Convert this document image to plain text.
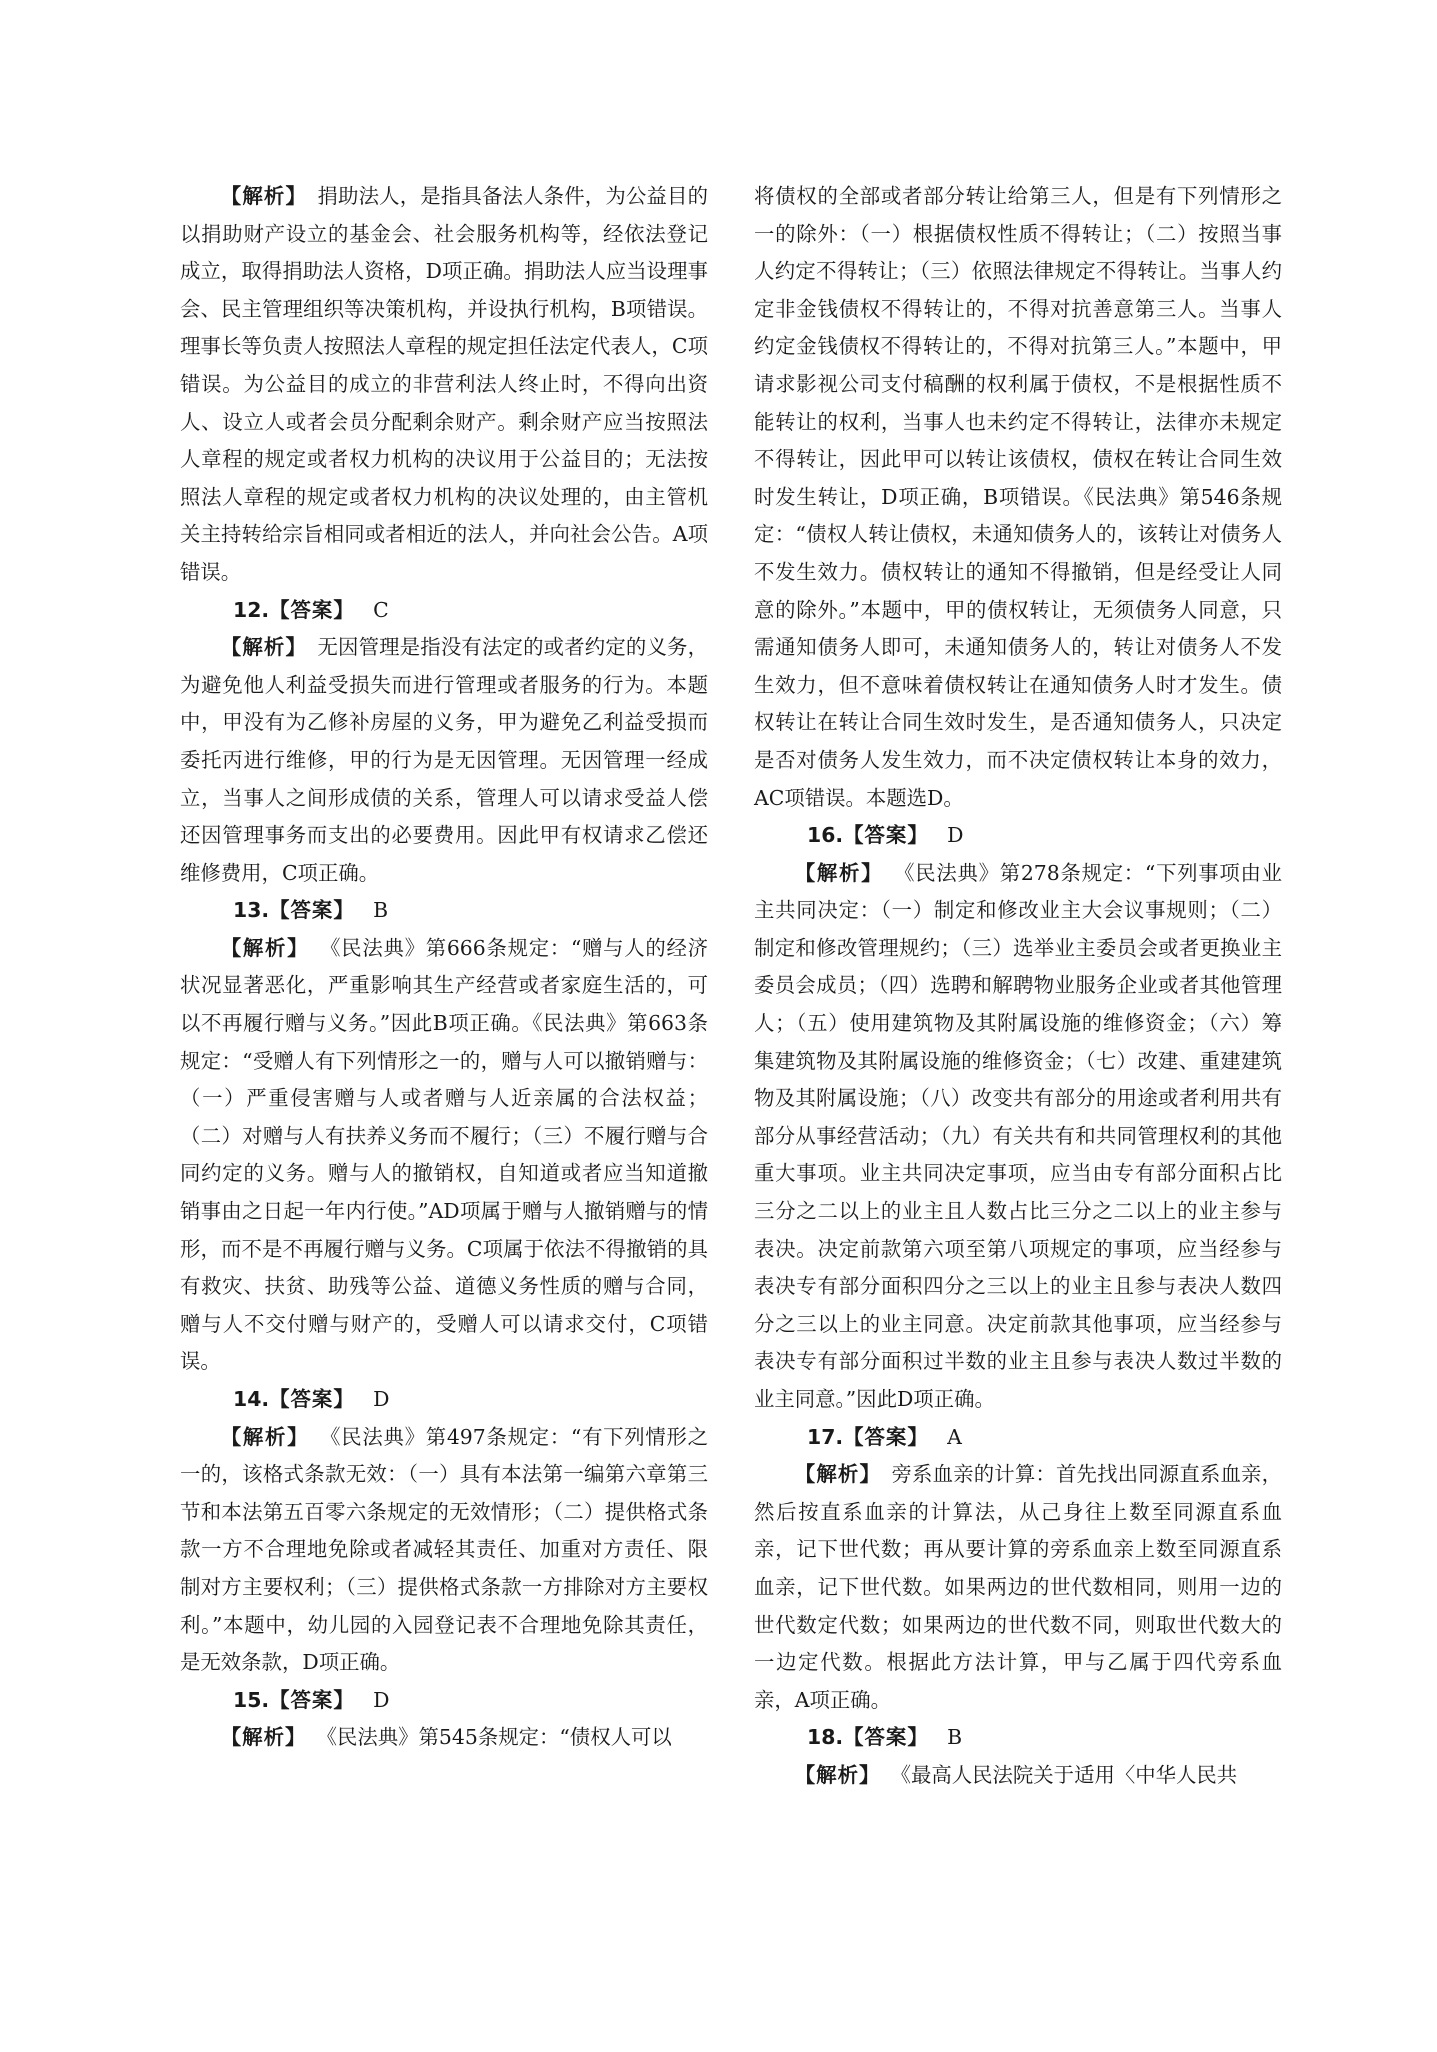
【解析】  捐助法人，是指具备法人条件，为公益目的以捐助财产设立的基金会、社会服务机构等，经依法登记成立，取得捐助法人资格，D项正确。捐助法人应当设理事会、民主管理组织等决策机构，并设执行机构，B项错误。理事长等负责人按照法人章程的规定担任法定代表人，C项错误。为公益目的成立的非营利法人终止时，不得向出资人、设立人或者会员分配剩余财产。剩余财产应当按照法人章程的规定或者权力机构的决议用于公益目的；无法按照法人章程的规定或者权力机构的决议处理的，由主管机关主持转给宗旨相同或者相近的法人，并向社会公告。A项错误。

12.【答案】 C

【解析】  无因管理是指没有法定的或者约定的义务，为避免他人利益受损失而进行管理或者服务的行为。本题中，甲没有为乙修补房屋的义务，甲为避免乙利益受损而委托丙进行维修，甲的行为是无因管理。无因管理一经成立，当事人之间形成债的关系，管理人可以请求受益人偿还因管理事务而支出的必要费用。因此甲有权请求乙偿还维修费用，C项正确。

13.【答案】 B

【解析】  《民法典》第666条规定：“赠与人的经济状况显著恶化，严重影响其生产经营或者家庭生活的，可以不再履行赠与义务。”因此B项正确。《民法典》第663条规定：“受赠人有下列情形之一的，赠与人可以撤销赠与：（一）严重侵害赠与人或者赠与人近亲属的合法权益；（二）对赠与人有扶养义务而不履行；（三）不履行赠与合同约定的义务。赠与人的撤销权，自知道或者应当知道撤销事由之日起一年内行使。”AD项属于赠与人撤销赠与的情形，而不是不再履行赠与义务。C项属于依法不得撤销的具有救灾、扶贫、助残等公益、道德义务性质的赠与合同，赠与人不交付赠与财产的，受赠人可以请求交付，C项错误。

14.【答案】 D

【解析】  《民法典》第497条规定：“有下列情形之一的，该格式条款无效：（一）具有本法第一编第六章第三节和本法第五百零六条规定的无效情形；（二）提供格式条款一方不合理地免除或者减轻其责任、加重对方责任、限制对方主要权利；（三）提供格式条款一方排除对方主要权利。”本题中，幼儿园的入园登记表不合理地免除其责任，是无效条款，D项正确。

15.【答案】 D

【解析】  《民法典》第545条规定：“债权人可以

将债权的全部或者部分转让给第三人，但是有下列情形之一的除外：（一）根据债权性质不得转让；（二）按照当事人约定不得转让；（三）依照法律规定不得转让。当事人约定非金钱债权不得转让的，不得对抗善意第三人。当事人约定金钱债权不得转让的，不得对抗第三人。”本题中，甲请求影视公司支付稿酬的权利属于债权，不是根据性质不能转让的权利，当事人也未约定不得转让，法律亦未规定不得转让，因此甲可以转让该债权，债权在转让合同生效时发生转让，D项正确，B项错误。《民法典》第546条规定：“债权人转让债权，未通知债务人的，该转让对债务人不发生效力。债权转让的通知不得撤销，但是经受让人同意的除外。”本题中，甲的债权转让，无须债务人同意，只需通知债务人即可，未通知债务人的，转让对债务人不发生效力，但不意味着债权转让在通知债务人时才发生。债权转让在转让合同生效时发生，是否通知债务人，只决定是否对债务人发生效力，而不决定债权转让本身的效力，AC项错误。本题选D。

16.【答案】 D

【解析】  《民法典》第278条规定：“下列事项由业主共同决定：（一）制定和修改业主大会议事规则；（二）制定和修改管理规约；（三）选举业主委员会或者更换业主委员会成员；（四）选聘和解聘物业服务企业或者其他管理人；（五）使用建筑物及其附属设施的维修资金；（六）筹集建筑物及其附属设施的维修资金；（七）改建、重建建筑物及其附属设施；（八）改变共有部分的用途或者利用共有部分从事经营活动；（九）有关共有和共同管理权利的其他重大事项。业主共同决定事项，应当由专有部分面积占比三分之二以上的业主且人数占比三分之二以上的业主参与表决。决定前款第六项至第八项规定的事项，应当经参与表决专有部分面积四分之三以上的业主且参与表决人数四分之三以上的业主同意。决定前款其他事项，应当经参与表决专有部分面积过半数的业主且参与表决人数过半数的业主同意。”因此D项正确。

17.【答案】 A

【解析】  旁系血亲的计算：首先找出同源直系血亲，然后按直系血亲的计算法，从己身往上数至同源直系血亲，记下世代数；再从要计算的旁系血亲上数至同源直系血亲，记下世代数。如果两边的世代数相同，则用一边的世代数定代数；如果两边的世代数不同，则取世代数大的一边定代数。根据此方法计算，甲与乙属于四代旁系血亲，A项正确。

18.【答案】 B

【解析】  《最高人民法院关于适用〈中华人民共
